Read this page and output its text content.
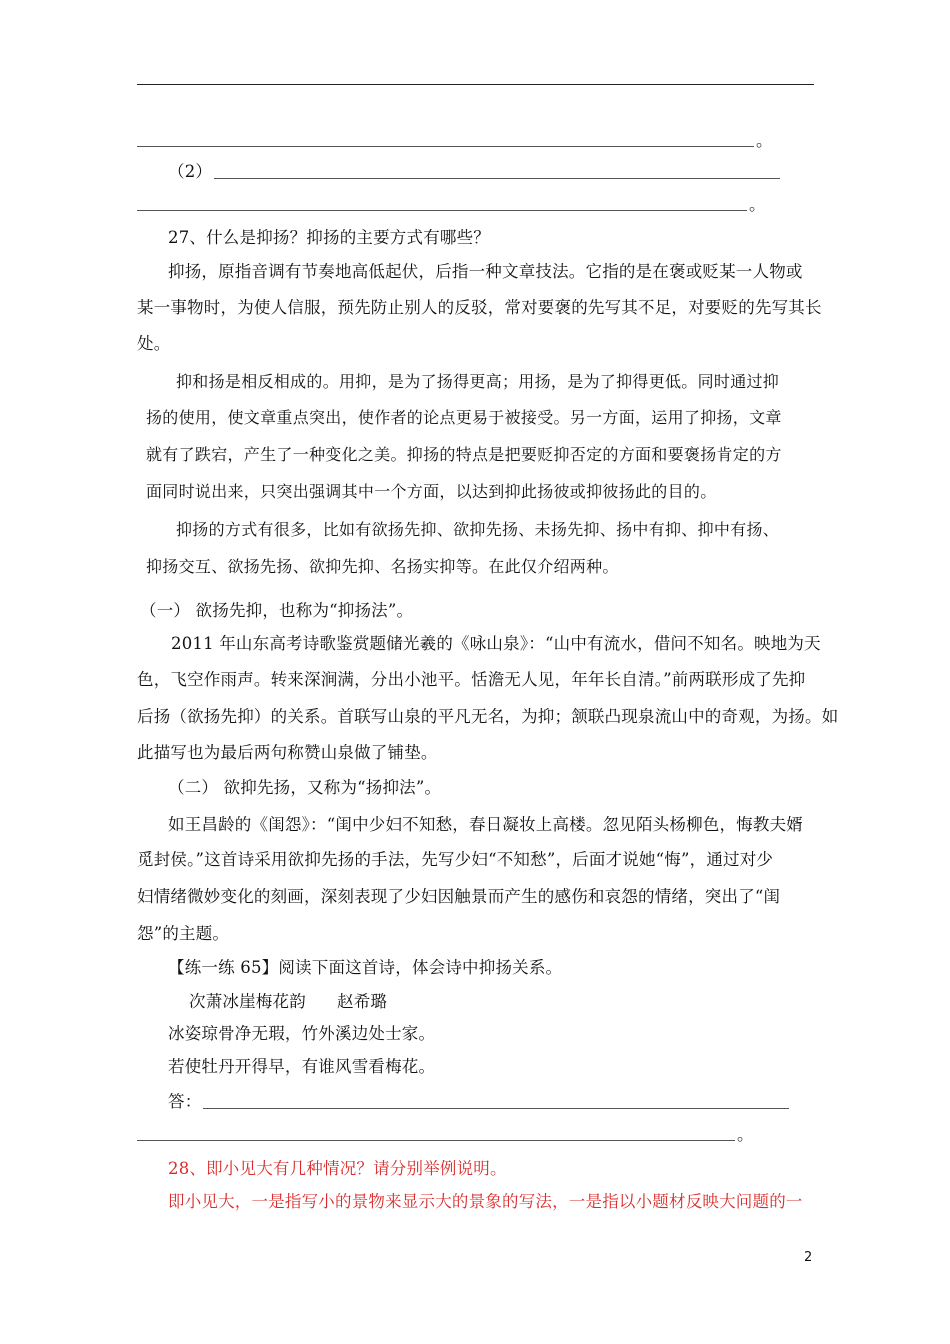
。
（2）
。
27、什么是抑扬？抑扬的主要方式有哪些？
抑扬，原指音调有节奏地高低起伏，后指一种文章技法。它指的是在褒或贬某一人物或
某一事物时，为使人信服，预先防止别人的反驳，常对要褒的先写其不足，对要贬的先写其长
处。
抑和扬是相反相成的。用抑，是为了扬得更高；用扬，是为了抑得更低。同时通过抑
扬的使用，使文章重点突出，使作者的论点更易于被接受。另一方面，运用了抑扬，文章
就有了跌宕，产生了一种变化之美。抑扬的特点是把要贬抑否定的方面和要褒扬肯定的方
面同时说出来，只突出强调其中一个方面，以达到抑此扬彼或抑彼扬此的目的。
抑扬的方式有很多，比如有欲扬先抑、欲抑先扬、未扬先抑、扬中有抑、抑中有扬、
抑扬交互、欲扬先扬、欲抑先抑、名扬实抑等。在此仅介绍两种。
（一） 欲扬先抑，也称为“抑扬法”。
2011 年山东高考诗歌鉴赏题储光羲的《咏山泉》：“山中有流水，借问不知名。映地为天
色，飞空作雨声。转来深涧满，分出小池平。恬澹无人见，年年长自清。”前两联形成了先抑
后扬（欲扬先抑）的关系。首联写山泉的平凡无名，为抑；颔联凸现泉流山中的奇观，为扬。如
此描写也为最后两句称赞山泉做了铺垫。
（二） 欲抑先扬，又称为“扬抑法”。
如王昌龄的《闺怨》：“闺中少妇不知愁，春日凝妆上高楼。忽见陌头杨柳色，悔教夫婿
觅封侯。”这首诗采用欲抑先扬的手法，先写少妇“不知愁”，后面才说她“悔”，通过对少
妇情绪微妙变化的刻画，深刻表现了少妇因触景而产生的感伤和哀怨的情绪，突出了“闺
怨”的主题。
【练一练 65】阅读下面这首诗，体会诗中抑扬关系。
次萧冰崖梅花韵 赵希璐
冰姿琼骨净无瑕，竹外溪边处士家。
若使牡丹开得早，有谁风雪看梅花。
答：
。
28、即小见大有几种情况？请分别举例说明。
即小见大，一是指写小的景物来显示大的景象的写法，一是指以小题材反映大问题的一
2
